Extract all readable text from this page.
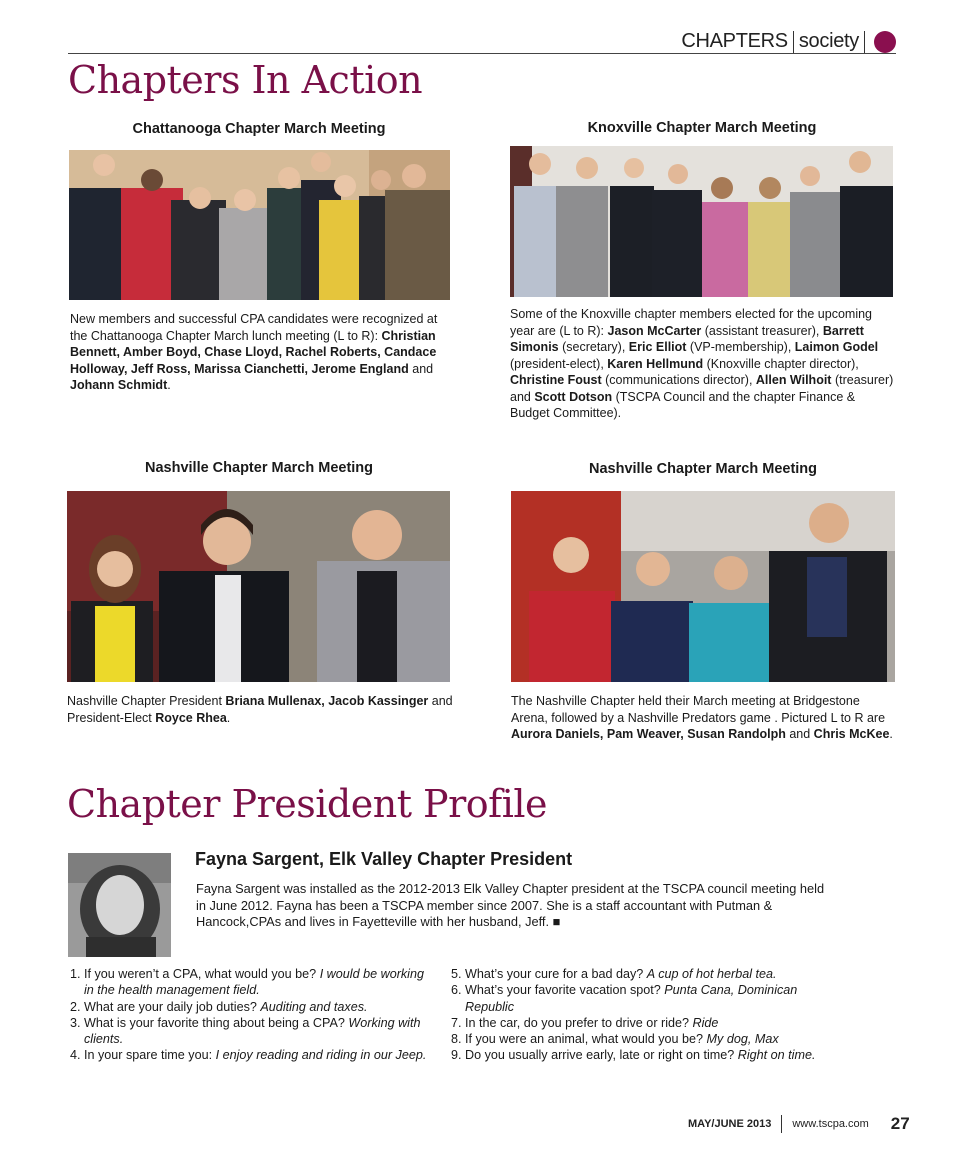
CHAPTERS society
Chapters In Action
Chattanooga Chapter March Meeting
New members and successful CPA candidates were recognized at the Chattanooga Chapter March lunch meeting (L to R): Christian Bennett, Amber Boyd, Chase Lloyd, Rachel Roberts, Candace Holloway, Jeff Ross, Marissa Cianchetti, Jerome England and Johann Schmidt.
Knoxville Chapter March Meeting
Some of the Knoxville chapter members elected for the upcoming year are (L to R): Jason McCarter (assistant treasurer), Barrett Simonis (secretary), Eric Elliot (VP-membership), Laimon Godel (president-elect), Karen Hellmund (Knoxville chapter director), Christine Foust (communications director), Allen Wilhoit (treasurer) and Scott Dotson (TSCPA Council and the chapter Finance & Budget Committee).
Nashville Chapter March Meeting
Nashville Chapter President Briana Mullenax, Jacob Kassinger and President-Elect Royce Rhea.
Nashville Chapter March Meeting
The Nashville Chapter held their March meeting at Bridgestone Arena, followed by a Nashville Predators game . Pictured L to R are Aurora Daniels, Pam Weaver, Susan Randolph and Chris McKee.
Chapter President Profile
Fayna Sargent, Elk Valley Chapter President
Fayna Sargent was installed as the 2012-2013 Elk Valley Chapter president at the TSCPA council meeting held in June 2012. Fayna has been a TSCPA member since 2007. She is a staff accountant with Putman & Hancock,CPAs and lives in Fayetteville with her husband, Jeff. ■
1. If you weren’t a CPA, what would you be? I would be working in the health management field.
2. What are your daily job duties? Auditing and taxes.
3. What is your favorite thing about being a CPA? Working with clients.
4. In your spare time you: I enjoy reading and riding in our Jeep.
5. What’s your cure for a bad day? A cup of hot herbal tea.
6. What’s your favorite vacation spot? Punta Cana, Dominican Republic
7. In the car, do you prefer to drive or ride? Ride
8. If you were an animal, what would you be? My dog, Max
9. Do you usually arrive early, late or right on time? Right on time.
MAY/JUNE 2013 www.tscpa.com 27
